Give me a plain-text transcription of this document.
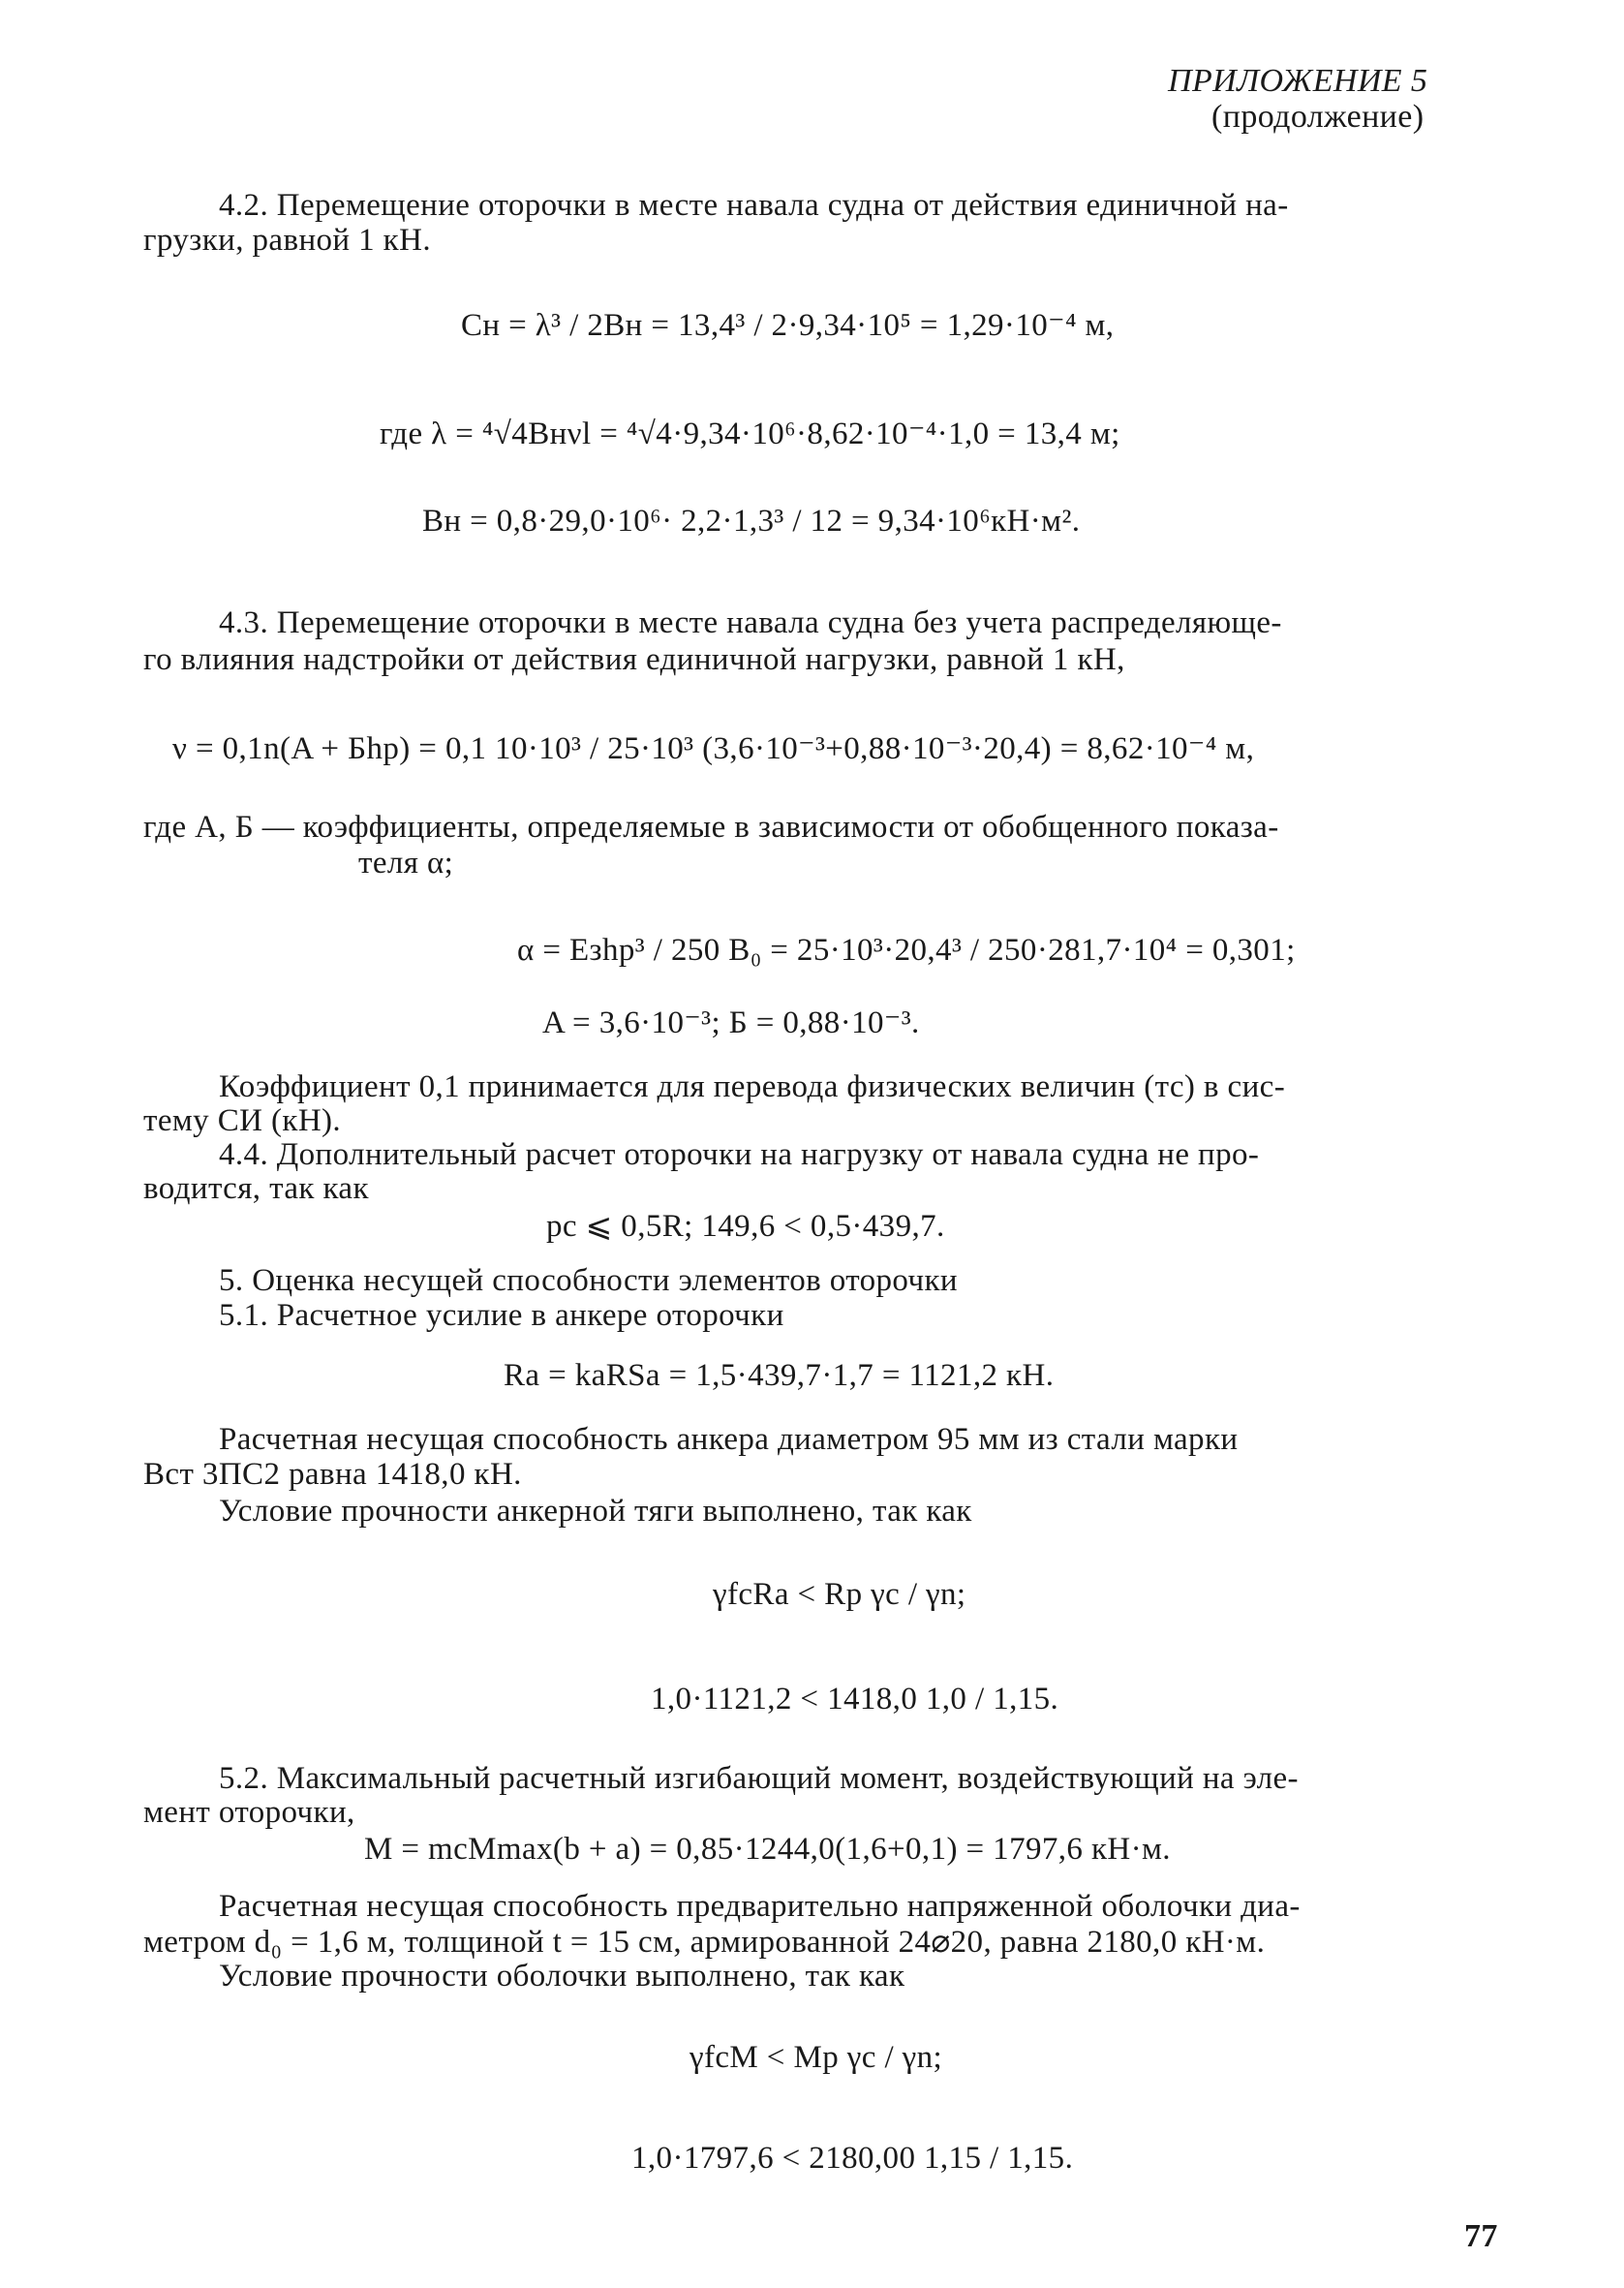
ПРИЛОЖЕНИЕ 5
(продолжение)
4.2. Перемещение оторочки в месте навала судна от действия единичной на-
грузки, равной 1 кН.
Cн = λ³ / 2Bн = 13,4³ / 2·9,34·10⁵ = 1,29·10⁻⁴ м,
где λ = ⁴√4Bнνl = ⁴√4·9,34·10⁶·8,62·10⁻⁴·1,0 = 13,4 м;
Bн = 0,8·29,0·10⁶· 2,2·1,3³ / 12 = 9,34·10⁶кН·м².
4.3. Перемещение оторочки в месте навала судна без учета распределяюще-
го влияния надстройки от действия единичной нагрузки, равной 1 кН,
ν = 0,1n(A + Бhр) = 0,1 10·10³ / 25·10³ (3,6·10⁻³+0,88·10⁻³·20,4) = 8,62·10⁻⁴ м,
где A, Б — коэффициенты, определяемые в зависимости от обобщенного показа-
теля α;
α = Eзhр³ / 250 B₀ = 25·10³·20,4³ / 250·281,7·10⁴ = 0,301;
A = 3,6·10⁻³; Б = 0,88·10⁻³.
Коэффициент 0,1 принимается для перевода физических величин (тс) в сис-
тему СИ (кН).
4.4. Дополнительный расчет оторочки на нагрузку от навала судна не про-
водится, так как
pс ⩽ 0,5R; 149,6 < 0,5·439,7.
5. Оценка несущей способности элементов оторочки
5.1. Расчетное усилие в анкере оторочки
Rа = kаRSа = 1,5·439,7·1,7 = 1121,2 кН.
Расчетная несущая способность анкера диаметром 95 мм из стали марки
Вст 3ПС2 равна 1418,0 кН.
Условие прочности анкерной тяги выполнено, так как
γfcRа < Rр γc / γn;
1,0·1121,2 < 1418,0 1,0 / 1,15.
5.2. Максимальный расчетный изгибающий момент, воздействующий на эле-
мент оторочки,
M = mcMmax(b + a) = 0,85·1244,0(1,6+0,1) = 1797,6 кН·м.
Расчетная несущая способность предварительно напряженной оболочки диа-
метром d₀ = 1,6 м, толщиной t = 15 см, армированной 24⌀20, равна 2180,0 кН·м.
Условие прочности оболочки выполнено, так как
γfcM < Mр γc / γn;
1,0·1797,6 < 2180,00 1,15 / 1,15.
77
